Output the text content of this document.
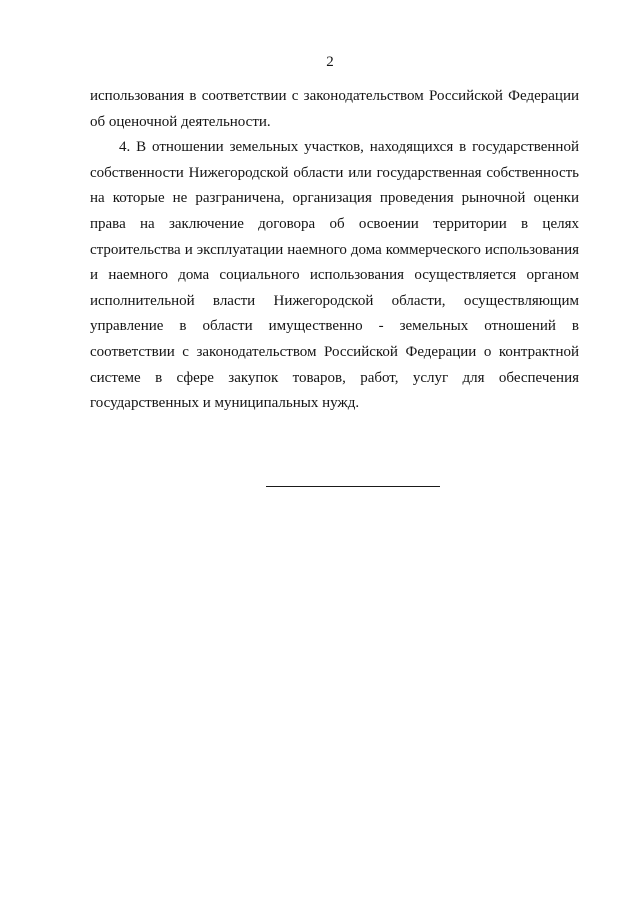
2

использования в соответствии с законодательством Российской Федерации об оценочной деятельности.

4. В отношении земельных участков, находящихся в государственной собственности Нижегородской области или государственная собственность на которые не разграничена, организация проведения рыночной оценки права на заключение договора об освоении территории в целях строительства и эксплуатации наемного дома коммерческого использования и наемного дома социального использования осуществляется органом исполнительной власти Нижегородской области, осуществляющим управление в области имущественно - земельных отношений в соответствии с законодательством Российской Федерации о контрактной системе в сфере закупок товаров, работ, услуг для обеспечения государственных и муниципальных нужд.
